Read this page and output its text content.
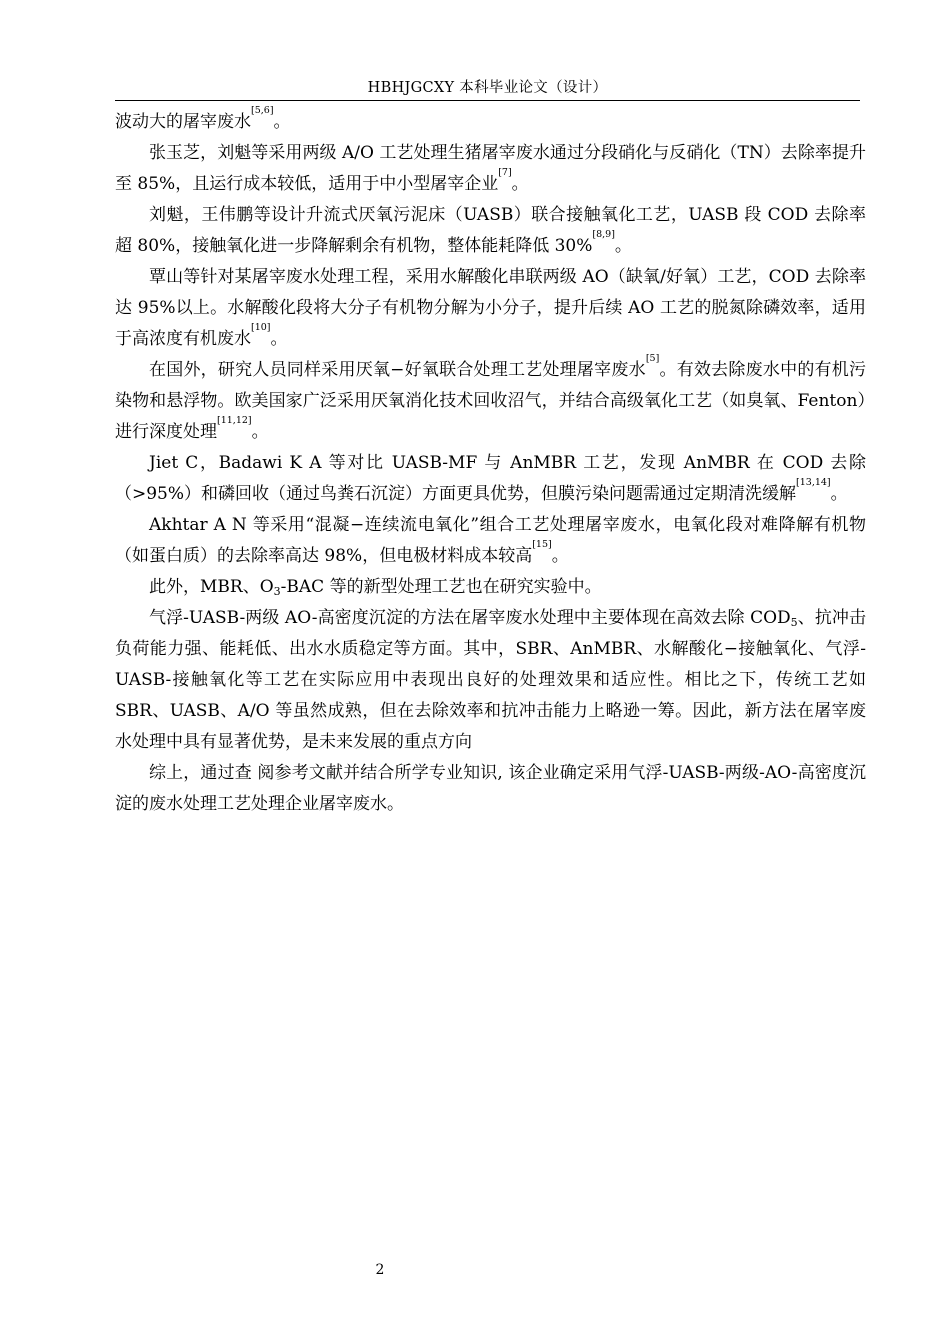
HBHJGCXY 本科毕业论文（设计）

波动大的屠宰废水[5,6]。

张玉芝，刘魁等采用两级 A/O 工艺处理生猪屠宰废水通过分段硝化与反硝化（TN）去除率提升至 85%，且运行成本较低，适用于中小型屠宰企业[7]。

刘魁，王伟鹏等设计升流式厌氧污泥床（UASB）联合接触氧化工艺，UASB 段 COD 去除率超 80%，接触氧化进一步降解剩余有机物，整体能耗降低 30%[8,9]。

覃山等针对某屠宰废水处理工程，采用水解酸化串联两级 AO（缺氧/好氧）工艺，COD 去除率达 95%以上。水解酸化段将大分子有机物分解为小分子，提升后续 AO 工艺的脱氮除磷效率，适用于高浓度有机废水[10]。

在国外，研究人员同样采用厌氧−好氧联合处理工艺处理屠宰废水[5]。有效去除废水中的有机污染物和悬浮物。欧美国家广泛采用厌氧消化技术回收沼气，并结合高级氧化工艺（如臭氧、Fenton）进行深度处理[11,12]。

Jiet C，Badawi K A 等对比 UASB-MF 与 AnMBR 工艺，发现 AnMBR 在 COD 去除（>95%）和磷回收（通过鸟粪石沉淀）方面更具优势，但膜污染问题需通过定期清洗缓解[13,14]。

Akhtar A N 等采用“混凝−连续流电氧化”组合工艺处理屠宰废水，电氧化段对难降解有机物（如蛋白质）的去除率高达 98%，但电极材料成本较高[15]。

此外，MBR、$O_3$-BAC 等的新型处理工艺也在研究实验中。

气浮-UASB-两级 AO-高密度沉淀的方法在屠宰废水处理中主要体现在高效去除 $COD_5$、抗冲击负荷能力强、能耗低、出水水质稳定等方面。其中，SBR、AnMBR、水解酸化−接触氧化、气浮-UASB-接触氧化等工艺在实际应用中表现出良好的处理效果和适应性。相比之下，传统工艺如 SBR、UASB、A/O 等虽然成熟，但在去除效率和抗冲击能力上略逊一筹。因此，新方法在屠宰废水处理中具有显著优势，是未来发展的重点方向

综上，通过查 阅参考文献并结合所学专业知识, 该企业确定采用气浮-UASB-两级-AO-高密度沉淀的废水处理工艺处理企业屠宰废水。

2
